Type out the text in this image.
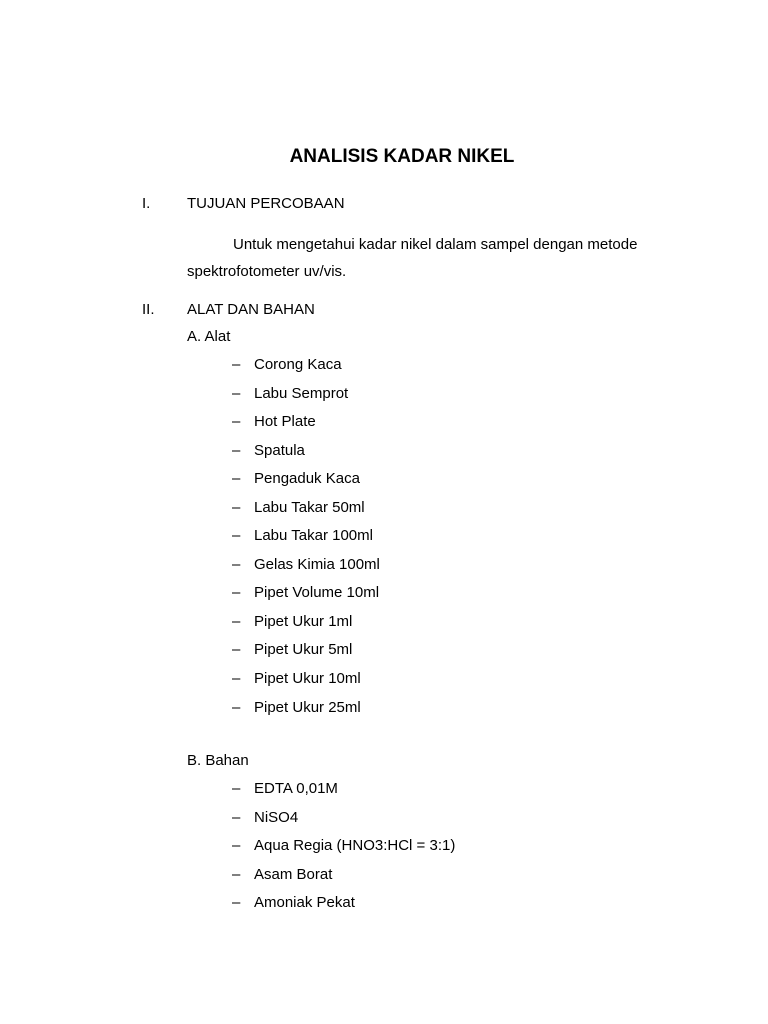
ANALISIS KADAR NIKEL
I. TUJUAN PERCOBAAN
Untuk mengetahui kadar nikel dalam sampel dengan metode
spektrofotometer uv/vis.
II. ALAT DAN BAHAN
A. Alat
– Corong Kaca
– Labu Semprot
– Hot Plate
– Spatula
– Pengaduk Kaca
– Labu Takar 50ml
– Labu Takar 100ml
– Gelas Kimia 100ml
– Pipet Volume 10ml
– Pipet Ukur 1ml
– Pipet Ukur 5ml
– Pipet Ukur 10ml
– Pipet Ukur 25ml
B. Bahan
– EDTA 0,01M
– NiSO4
– Aqua Regia (HNO3:HCl = 3:1)
– Asam Borat
– Amoniak Pekat
